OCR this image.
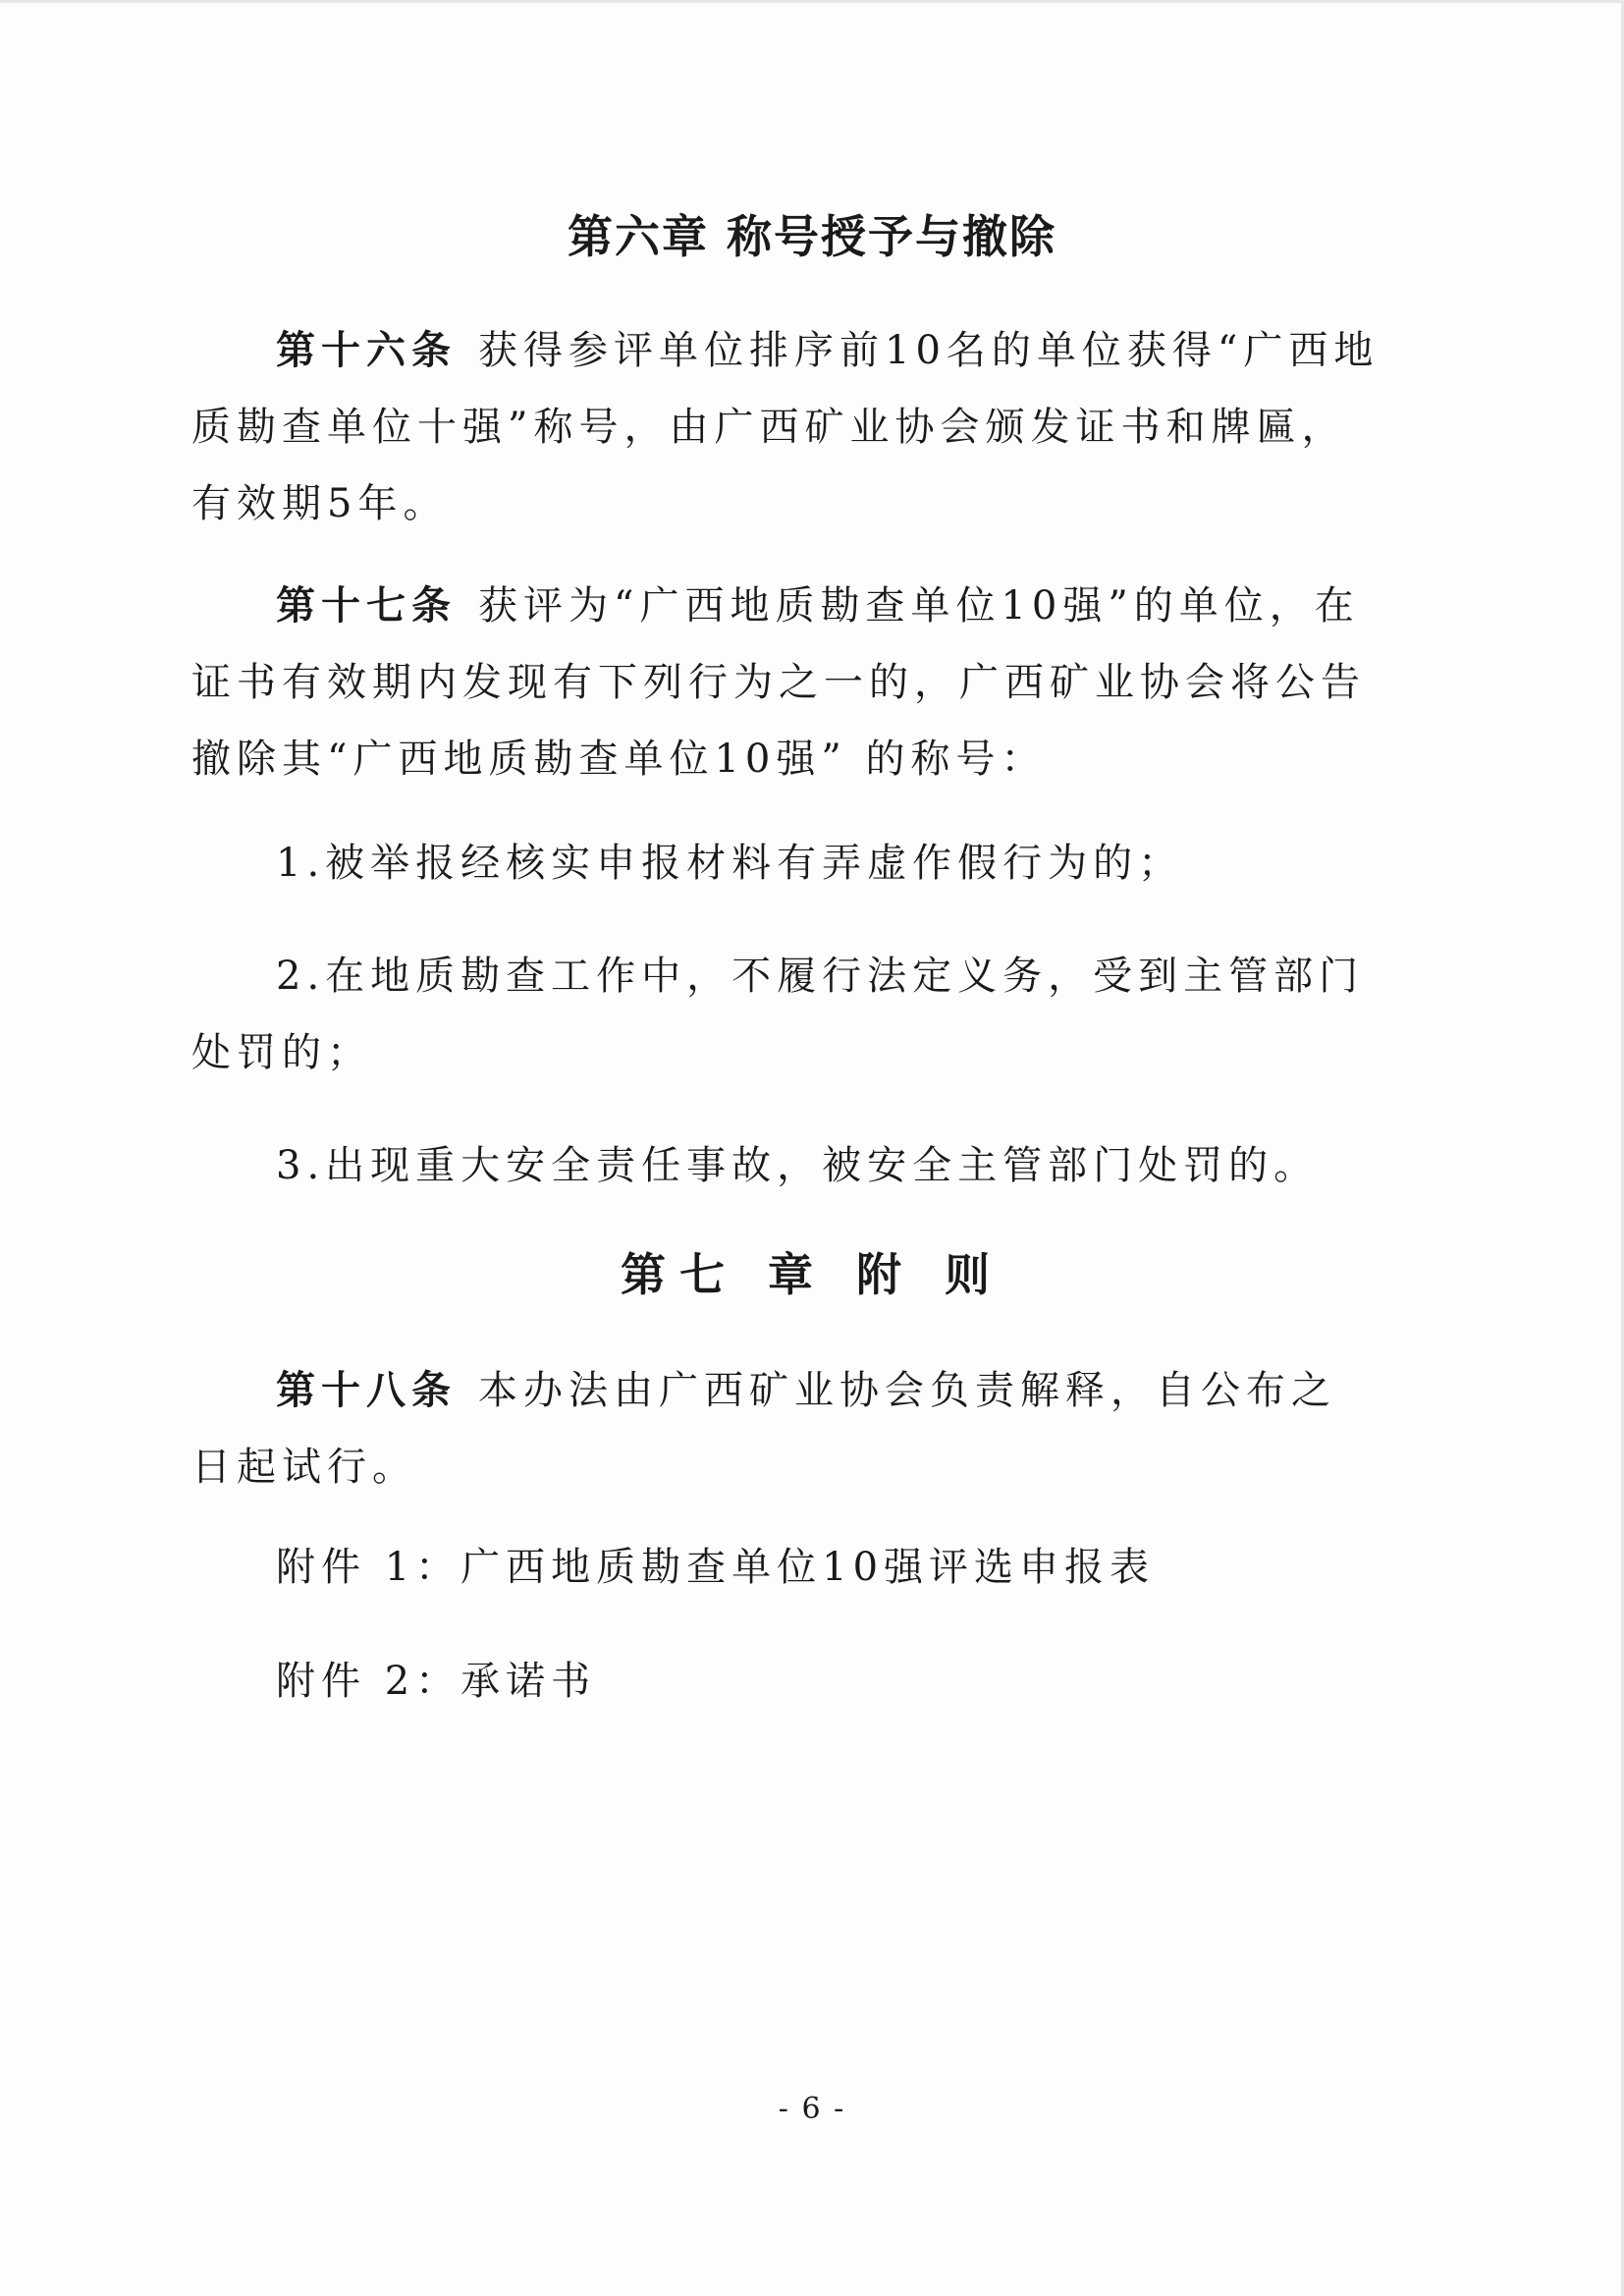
第六章 称号授予与撤除

第十六条 获得参评单位排序前10名的单位获得“广西地质勘查单位十强”称号，由广西矿业协会颁发证书和牌匾，有效期5年。

第十七条 获评为“广西地质勘查单位10强”的单位，在证书有效期内发现有下列行为之一的，广西矿业协会将公告撤除其“广西地质勘查单位10强” 的称号：

1.被举报经核实申报材料有弄虚作假行为的；

2.在地质勘查工作中，不履行法定义务，受到主管部门处罚的；

3.出现重大安全责任事故，被安全主管部门处罚的。

第七 章 附 则

第十八条 本办法由广西矿业协会负责解释，自公布之日起试行。

附件 1：广西地质勘查单位10强评选申报表

附件 2：承诺书

- 6 -
